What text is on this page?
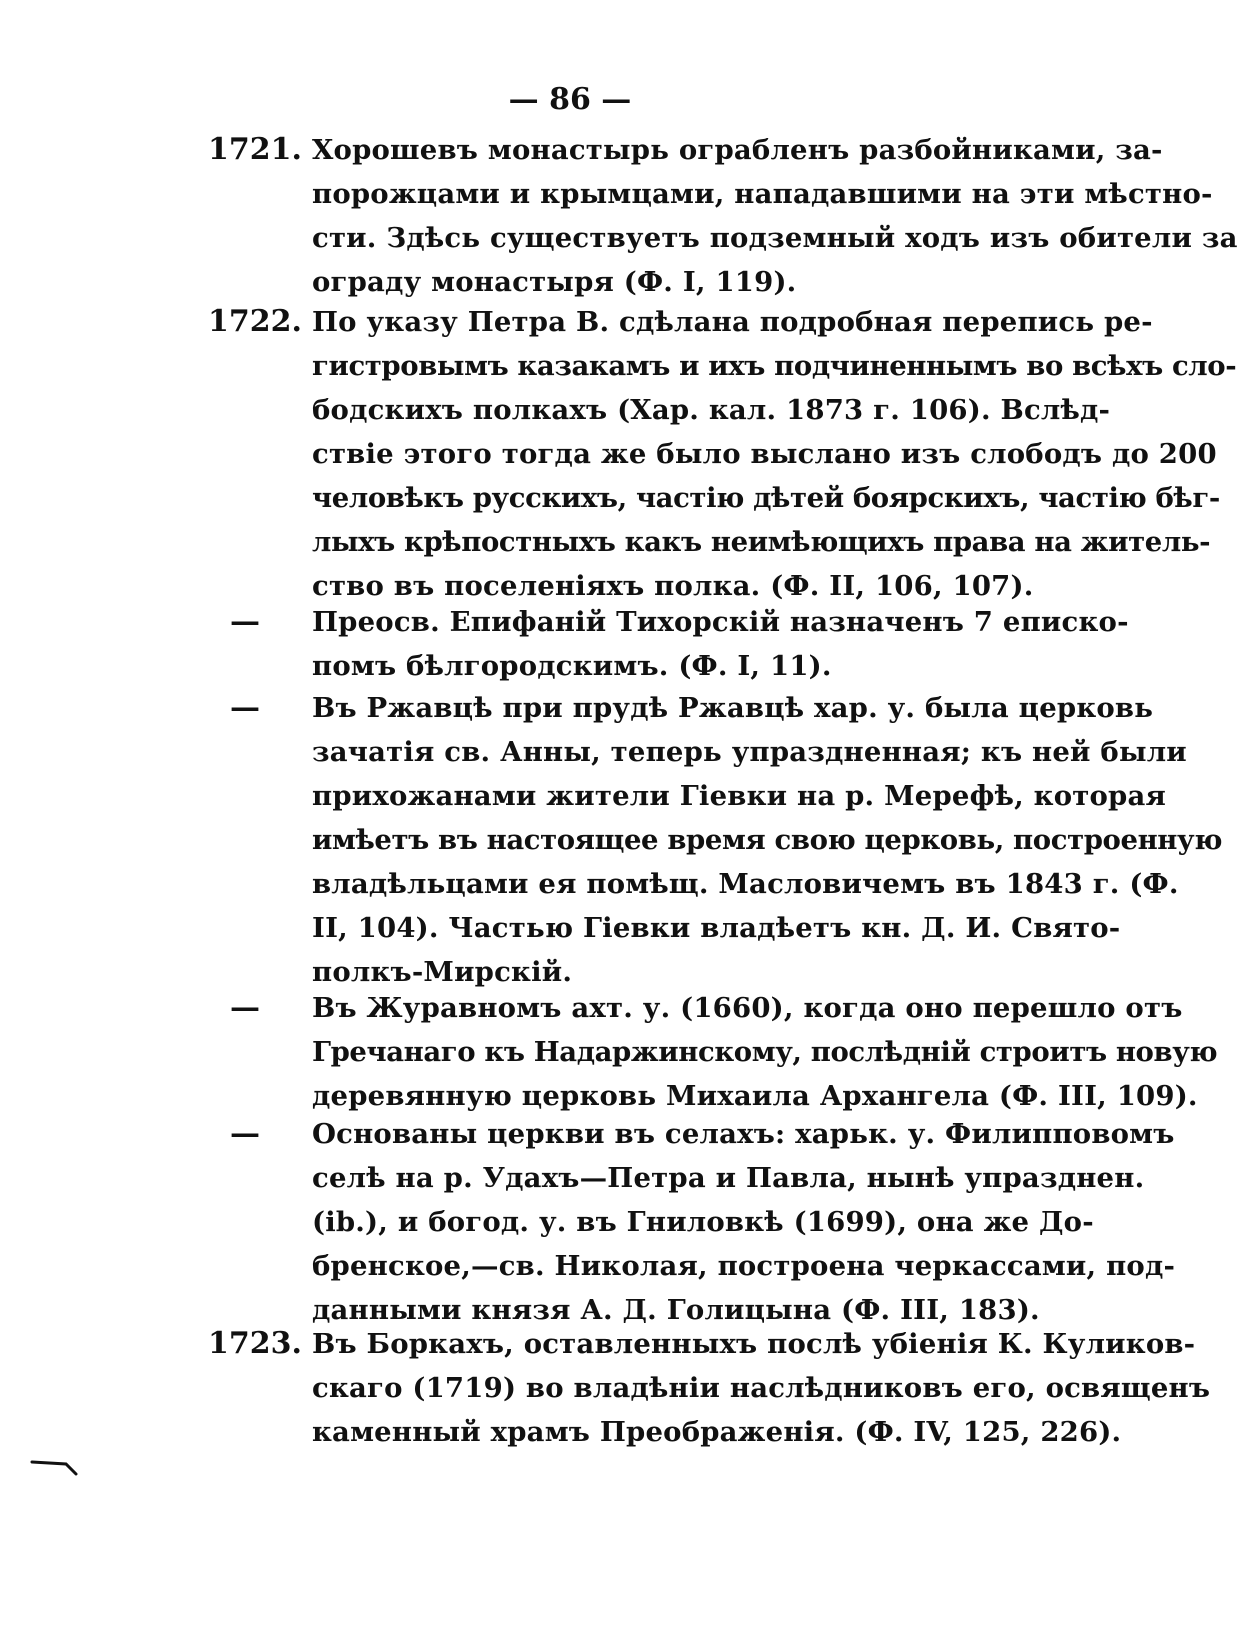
— 86 —
1721. Хорошевъ монастырь ограбленъ разбойниками, за-
порожцами и крымцами, нападавшими на эти мѣстно-
сти. Здѣсь существуетъ подземный ходъ изъ обители за
ограду монастыря (Ф. I, 119).
1722. По указу Петра В. сдѣлана подробная перепись ре-
гистровымъ казакамъ и ихъ подчиненнымъ во всѣхъ сло-
бодскихъ полкахъ (Хар. кал. 1873 г. 106). Вслѣд-
ствіе этого тогда же было выслано изъ слободъ до 200
человѣкъ русскихъ, частію дѣтей боярскихъ, частію бѣг-
лыхъ крѣпостныхъ какъ неимѣющихъ права на житель-
ство въ поселеніяхъ полка. (Ф. II, 106, 107).
— Преосв. Епифаній Тихорскій назначенъ 7 еписко-
помъ бѣлгородскимъ. (Ф. I, 11).
— Въ Ржавцѣ при прудѣ Ржавцѣ хар. у. была церковь
зачатія св. Анны, теперь упраздненная; къ ней были
прихожанами жители Гіевки на р. Мерефѣ, которая
имѣетъ въ настоящее время свою церковь, построенную
владѣльцами ея помѣщ. Масловичемъ въ 1843 г. (Ф.
II, 104). Частью Гіевки владѣетъ кн. Д. И. Свято-
полкъ-Мирскій.
— Въ Журавномъ ахт. у. (1660), когда оно перешло отъ
Гречанаго къ Надаржинскому, послѣдній строитъ новую
деревянную церковь Михаила Архангела (Ф. III, 109).
— Основаны церкви въ селахъ: харьк. у. Филипповомъ
селѣ на р. Удахъ—Петра и Павла, нынѣ упразднен.
(ib.), и богод. у. въ Гниловкѣ (1699), она же До-
бренское,—св. Николая, построена черкассами, под-
данными князя А. Д. Голицына (Ф. III, 183).
1723. Въ Боркахъ, оставленныхъ послѣ убіенія К. Куликов-
скаго (1719) во владѣніи наслѣдниковъ его, освященъ
каменный храмъ Преображенія. (Ф. IV, 125, 226).
